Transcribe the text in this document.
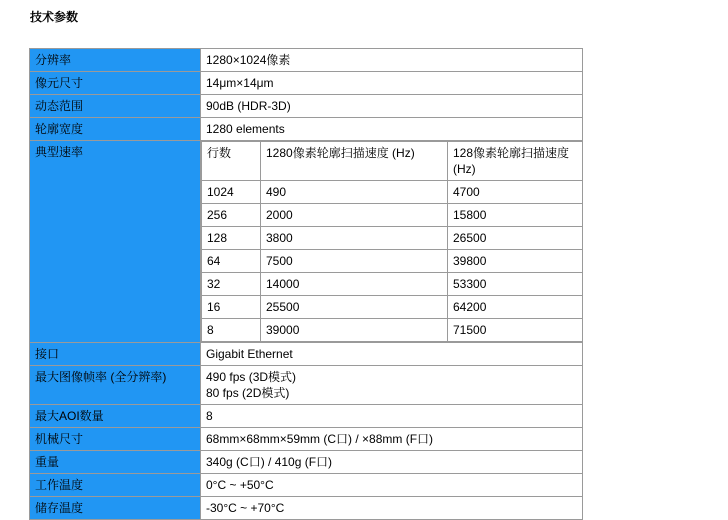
技术参数
分辨率	1280×1024像素
像元尺寸	14μm×14μm
动态范围	90dB (HDR-3D)
轮廓宽度	1280 elements
典型速率		行数	1280像素轮廓扫描速度 (Hz)	128像素轮廓扫描速度 (Hz)
1024	490	4700
256	2000	15800
128	3800	26500
64	7500	39800
32	14000	53300
16	25500	64200
8	39000	71500

接口	Gigabit Ethernet
最大图像帧率 (全分辨率)	490 fps (3D模式)
80 fps (2D模式)

最大AOI数量	8
机械尺寸	68mm×68mm×59mm (C口) / ×88mm (F口)
重量	340g (C口) / 410g (F口)
工作温度	0°C ~ +50°C
储存温度	-30°C ~ +70°C
